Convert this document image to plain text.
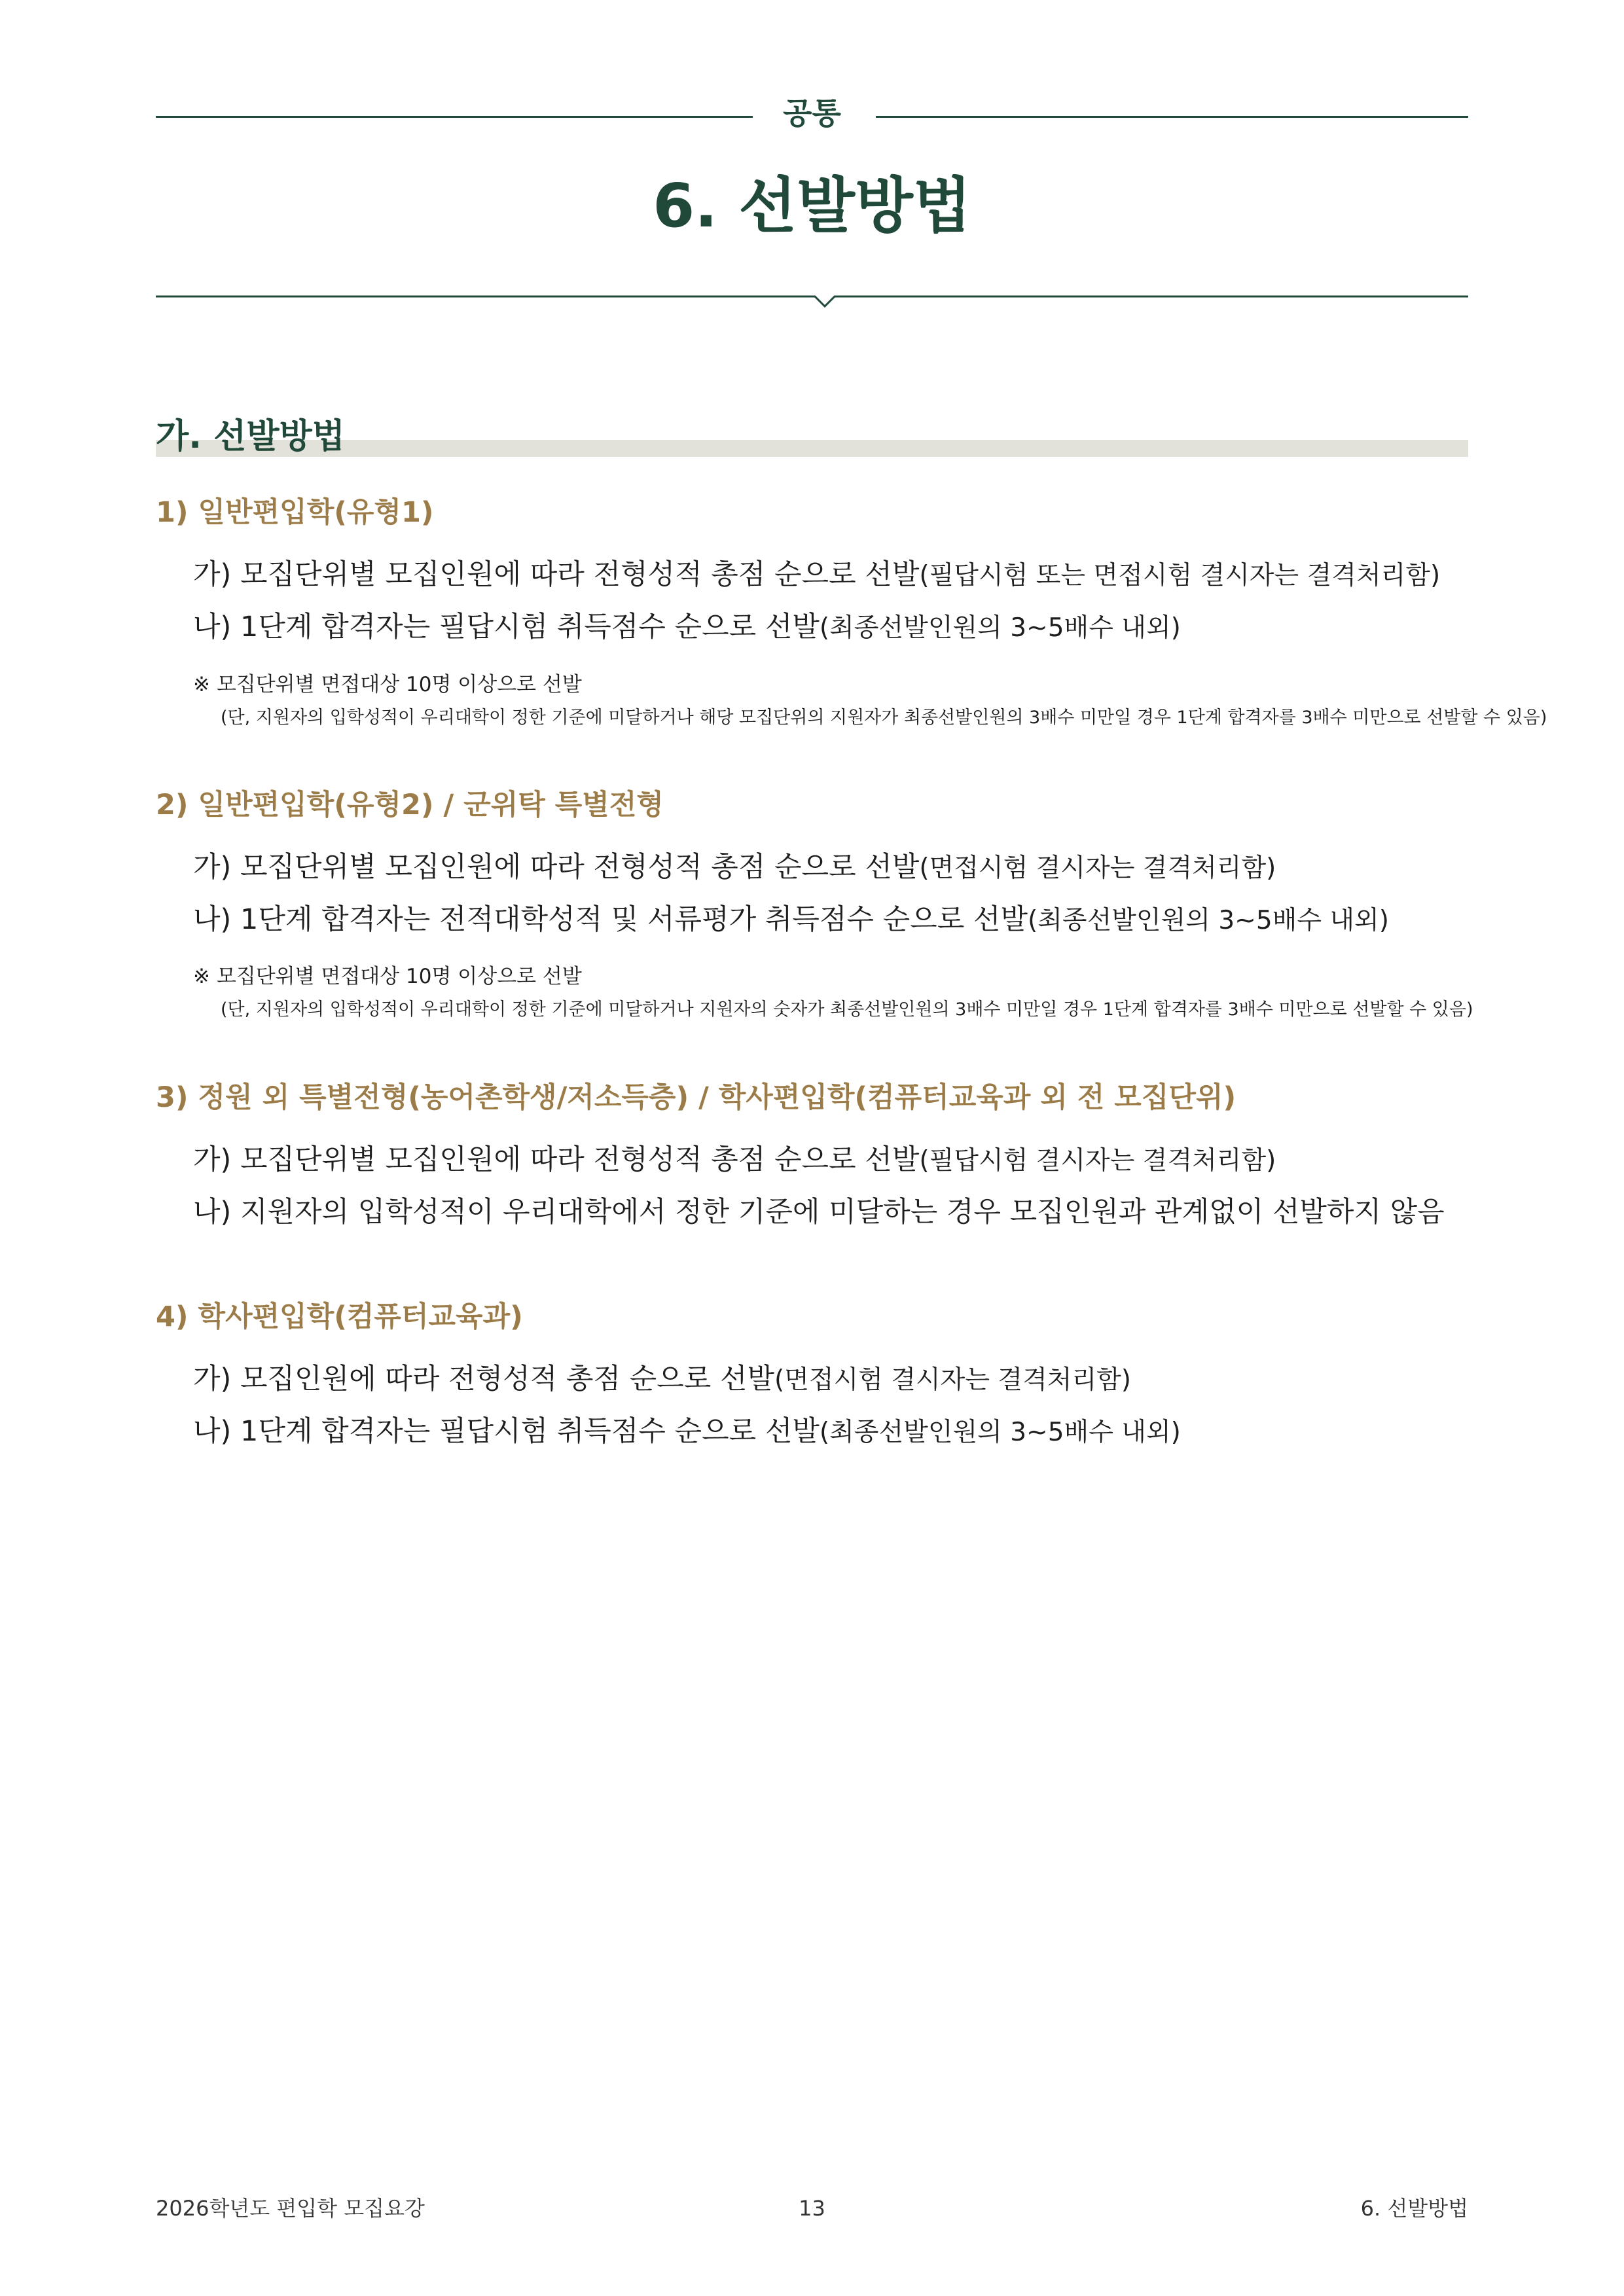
공통
6. 선발방법
가. 선발방법
1) 일반편입학(유형1)
가) 모집단위별 모집인원에 따라 전형성적 총점 순으로 선발(필답시험 또는 면접시험 결시자는 결격처리함)
나) 1단계 합격자는 필답시험 취득점수 순으로 선발(최종선발인원의 3~5배수 내외)
※ 모집단위별 면접대상 10명 이상으로 선발
(단, 지원자의 입학성적이 우리대학이 정한 기준에 미달하거나 해당 모집단위의 지원자가 최종선발인원의 3배수 미만일 경우 1단계 합격자를 3배수 미만으로 선발할 수 있음)
2) 일반편입학(유형2) / 군위탁 특별전형
가) 모집단위별 모집인원에 따라 전형성적 총점 순으로 선발(면접시험 결시자는 결격처리함)
나) 1단계 합격자는 전적대학성적 및 서류평가 취득점수 순으로 선발(최종선발인원의 3~5배수 내외)
※ 모집단위별 면접대상 10명 이상으로 선발
(단, 지원자의 입학성적이 우리대학이 정한 기준에 미달하거나 지원자의 숫자가 최종선발인원의 3배수 미만일 경우 1단계 합격자를 3배수 미만으로 선발할 수 있음)
3) 정원 외 특별전형(농어촌학생/저소득층) / 학사편입학(컴퓨터교육과 외 전 모집단위)
가) 모집단위별 모집인원에 따라 전형성적 총점 순으로 선발(필답시험 결시자는 결격처리함)
나) 지원자의 입학성적이 우리대학에서 정한 기준에 미달하는 경우 모집인원과 관계없이 선발하지 않음
4) 학사편입학(컴퓨터교육과)
가) 모집인원에 따라 전형성적 총점 순으로 선발(면접시험 결시자는 결격처리함)
나) 1단계 합격자는 필답시험 취득점수 순으로 선발(최종선발인원의 3~5배수 내외)
2026학년도 편입학 모집요강	13	6. 선발방법
